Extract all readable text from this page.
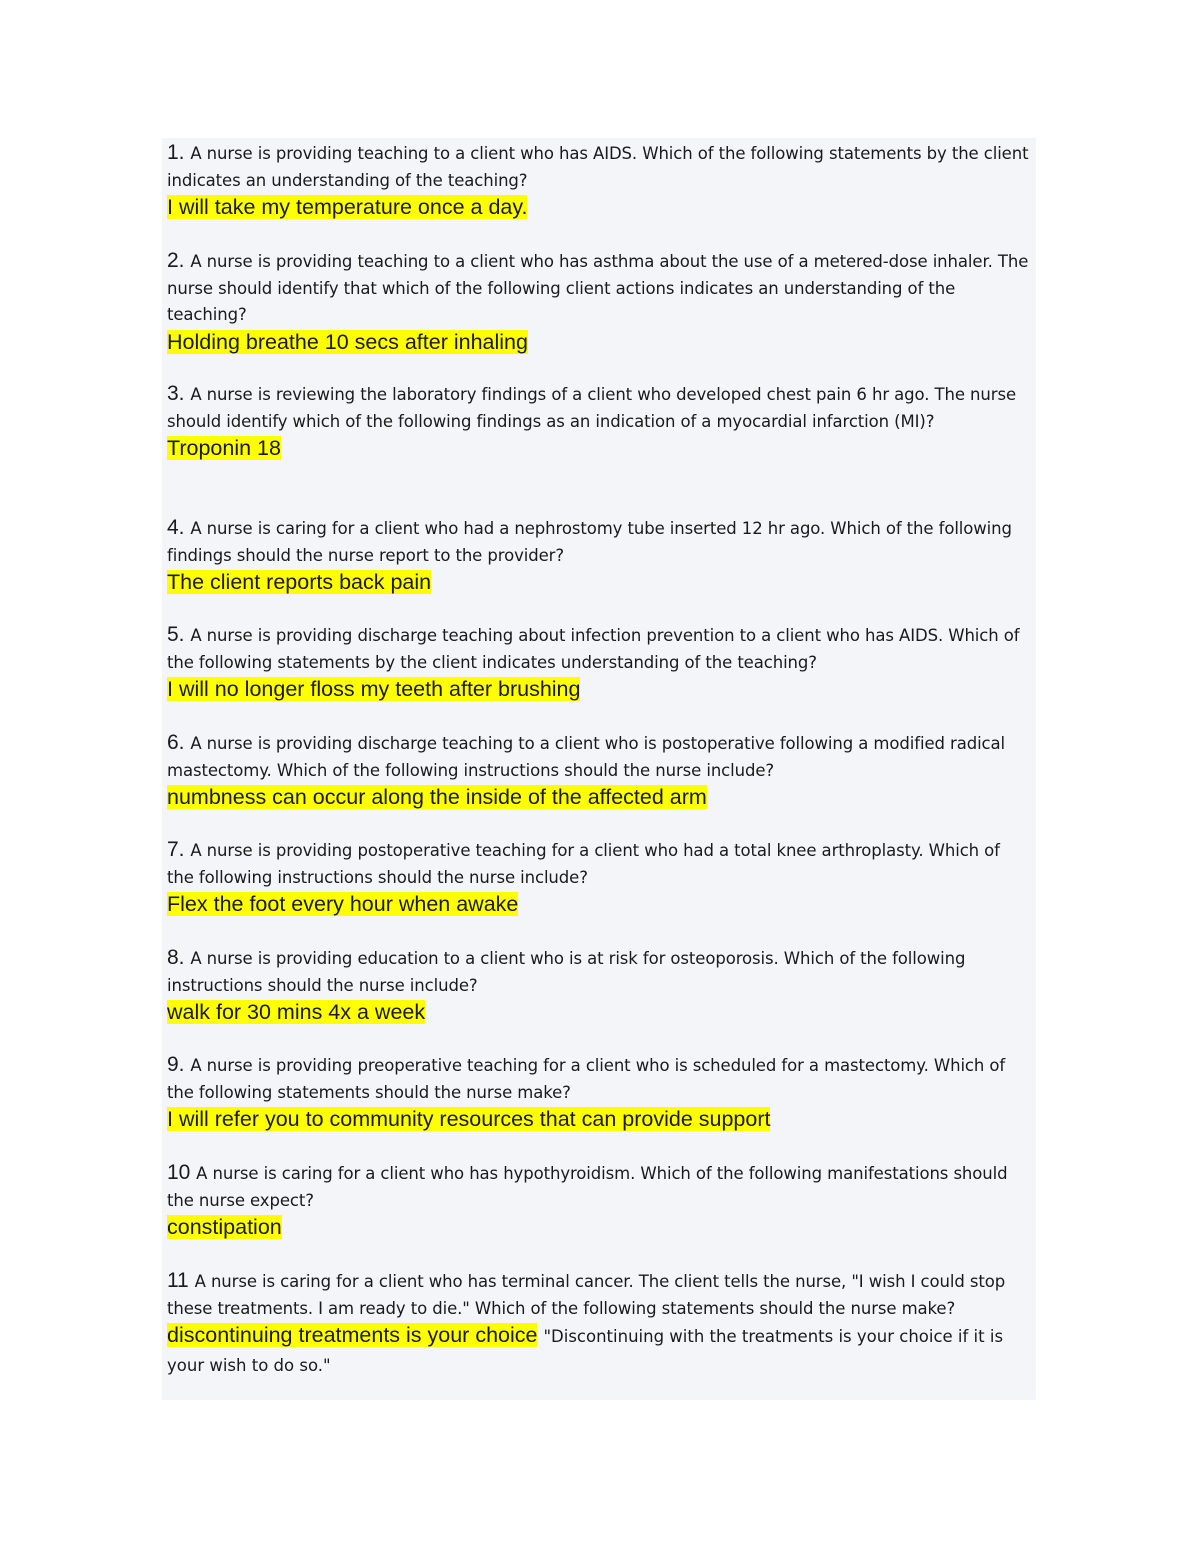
1. A nurse is providing teaching to a client who has AIDS. Which of the following statements by the client indicates an understanding of the teaching?
I will take my temperature once a day.
2. A nurse is providing teaching to a client who has asthma about the use of a metered-dose inhaler. The nurse should identify that which of the following client actions indicates an understanding of the teaching?
Holding breathe 10 secs after inhaling
3. A nurse is reviewing the laboratory findings of a client who developed chest pain 6 hr ago. The nurse should identify which of the following findings as an indication of a myocardial infarction (MI)?
Troponin 18
4. A nurse is caring for a client who had a nephrostomy tube inserted 12 hr ago. Which of the following findings should the nurse report to the provider?
The client reports back pain
5. A nurse is providing discharge teaching about infection prevention to a client who has AIDS. Which of the following statements by the client indicates understanding of the teaching?
I will no longer floss my teeth after brushing
6. A nurse is providing discharge teaching to a client who is postoperative following a modified radical mastectomy. Which of the following instructions should the nurse include?
numbness can occur along the inside of the affected arm
7. A nurse is providing postoperative teaching for a client who had a total knee arthroplasty. Which of the following instructions should the nurse include?
Flex the foot every hour when awake
8. A nurse is providing education to a client who is at risk for osteoporosis. Which of the following instructions should the nurse include?
walk for 30 mins 4x a week
9. A nurse is providing preoperative teaching for a client who is scheduled for a mastectomy. Which of the following statements should the nurse make?
I will refer you to community resources that can provide support
10 A nurse is caring for a client who has hypothyroidism. Which of the following manifestations should the nurse expect?
constipation
11 A nurse is caring for a client who has terminal cancer. The client tells the nurse, "I wish I could stop these treatments. I am ready to die." Which of the following statements should the nurse make?
discontinuing treatments is your choice "Discontinuing with the treatments is your choice if it is your wish to do so."
